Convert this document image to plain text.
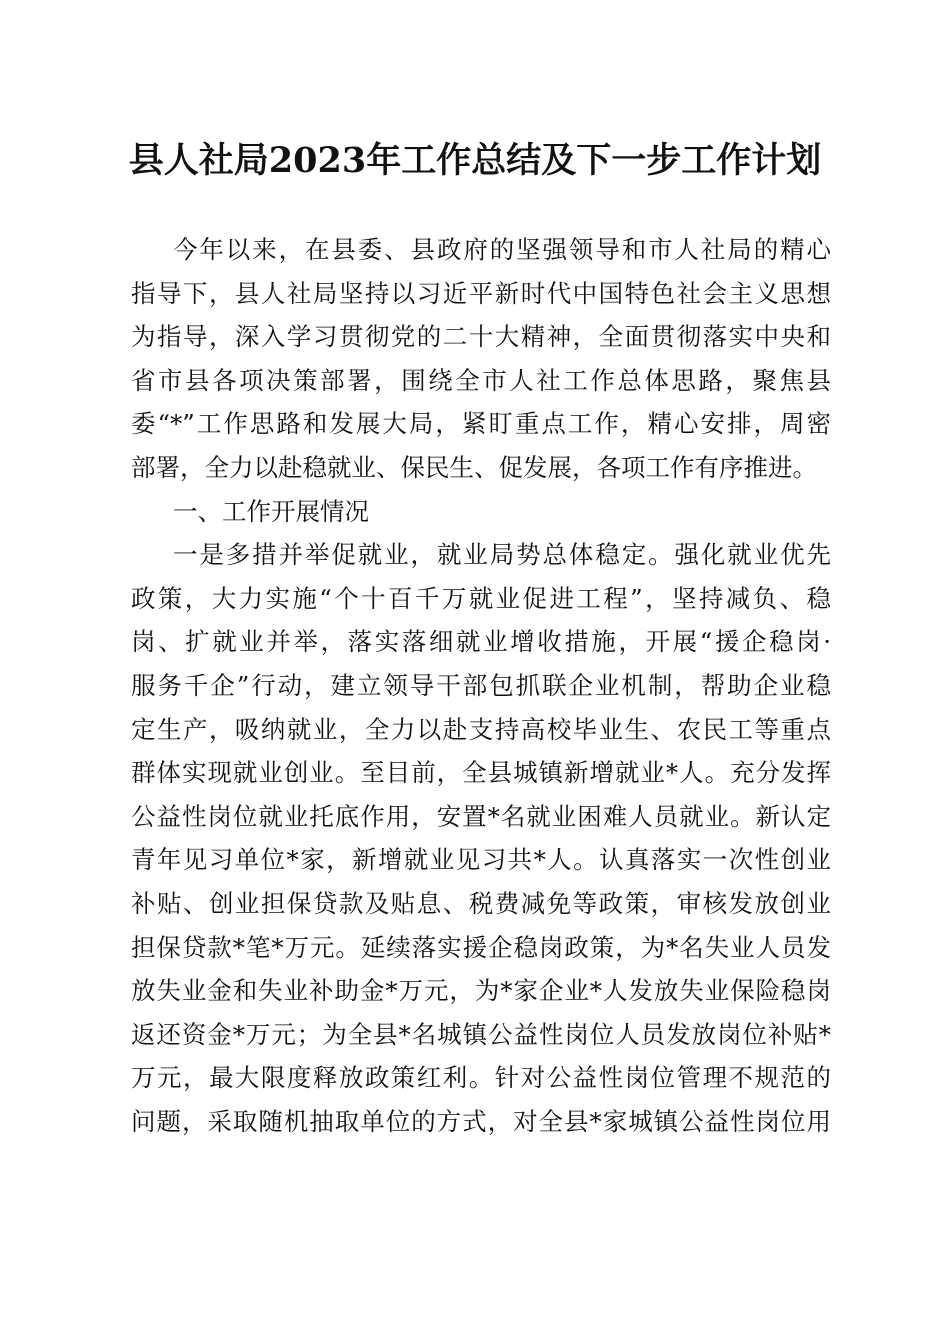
县人社局2023年工作总结及下一步工作计划
今年以来，在县委、县政府的坚强领导和市人社局的精心
指导下，县人社局坚持以习近平新时代中国特色社会主义思想
为指导，深入学习贯彻党的二十大精神，全面贯彻落实中央和
省市县各项决策部署，围绕全市人社工作总体思路，聚焦县
委“*”工作思路和发展大局，紧盯重点工作，精心安排，周密
部署，全力以赴稳就业、保民生、促发展，各项工作有序推进。
一、工作开展情况
一是多措并举促就业，就业局势总体稳定。强化就业优先
政策，大力实施“个十百千万就业促进工程”，坚持减负、稳
岗、扩就业并举，落实落细就业增收措施，开展“援企稳岗·
服务千企”行动，建立领导干部包抓联企业机制，帮助企业稳
定生产，吸纳就业，全力以赴支持高校毕业生、农民工等重点
群体实现就业创业。至目前，全县城镇新增就业*人。充分发挥
公益性岗位就业托底作用，安置*名就业困难人员就业。新认定
青年见习单位*家，新增就业见习共*人。认真落实一次性创业
补贴、创业担保贷款及贴息、税费减免等政策，审核发放创业
担保贷款*笔*万元。延续落实援企稳岗政策，为*名失业人员发
放失业金和失业补助金*万元，为*家企业*人发放失业保险稳岗
返还资金*万元；为全县*名城镇公益性岗位人员发放岗位补贴*
万元，最大限度释放政策红利。针对公益性岗位管理不规范的
问题，采取随机抽取单位的方式，对全县*家城镇公益性岗位用
